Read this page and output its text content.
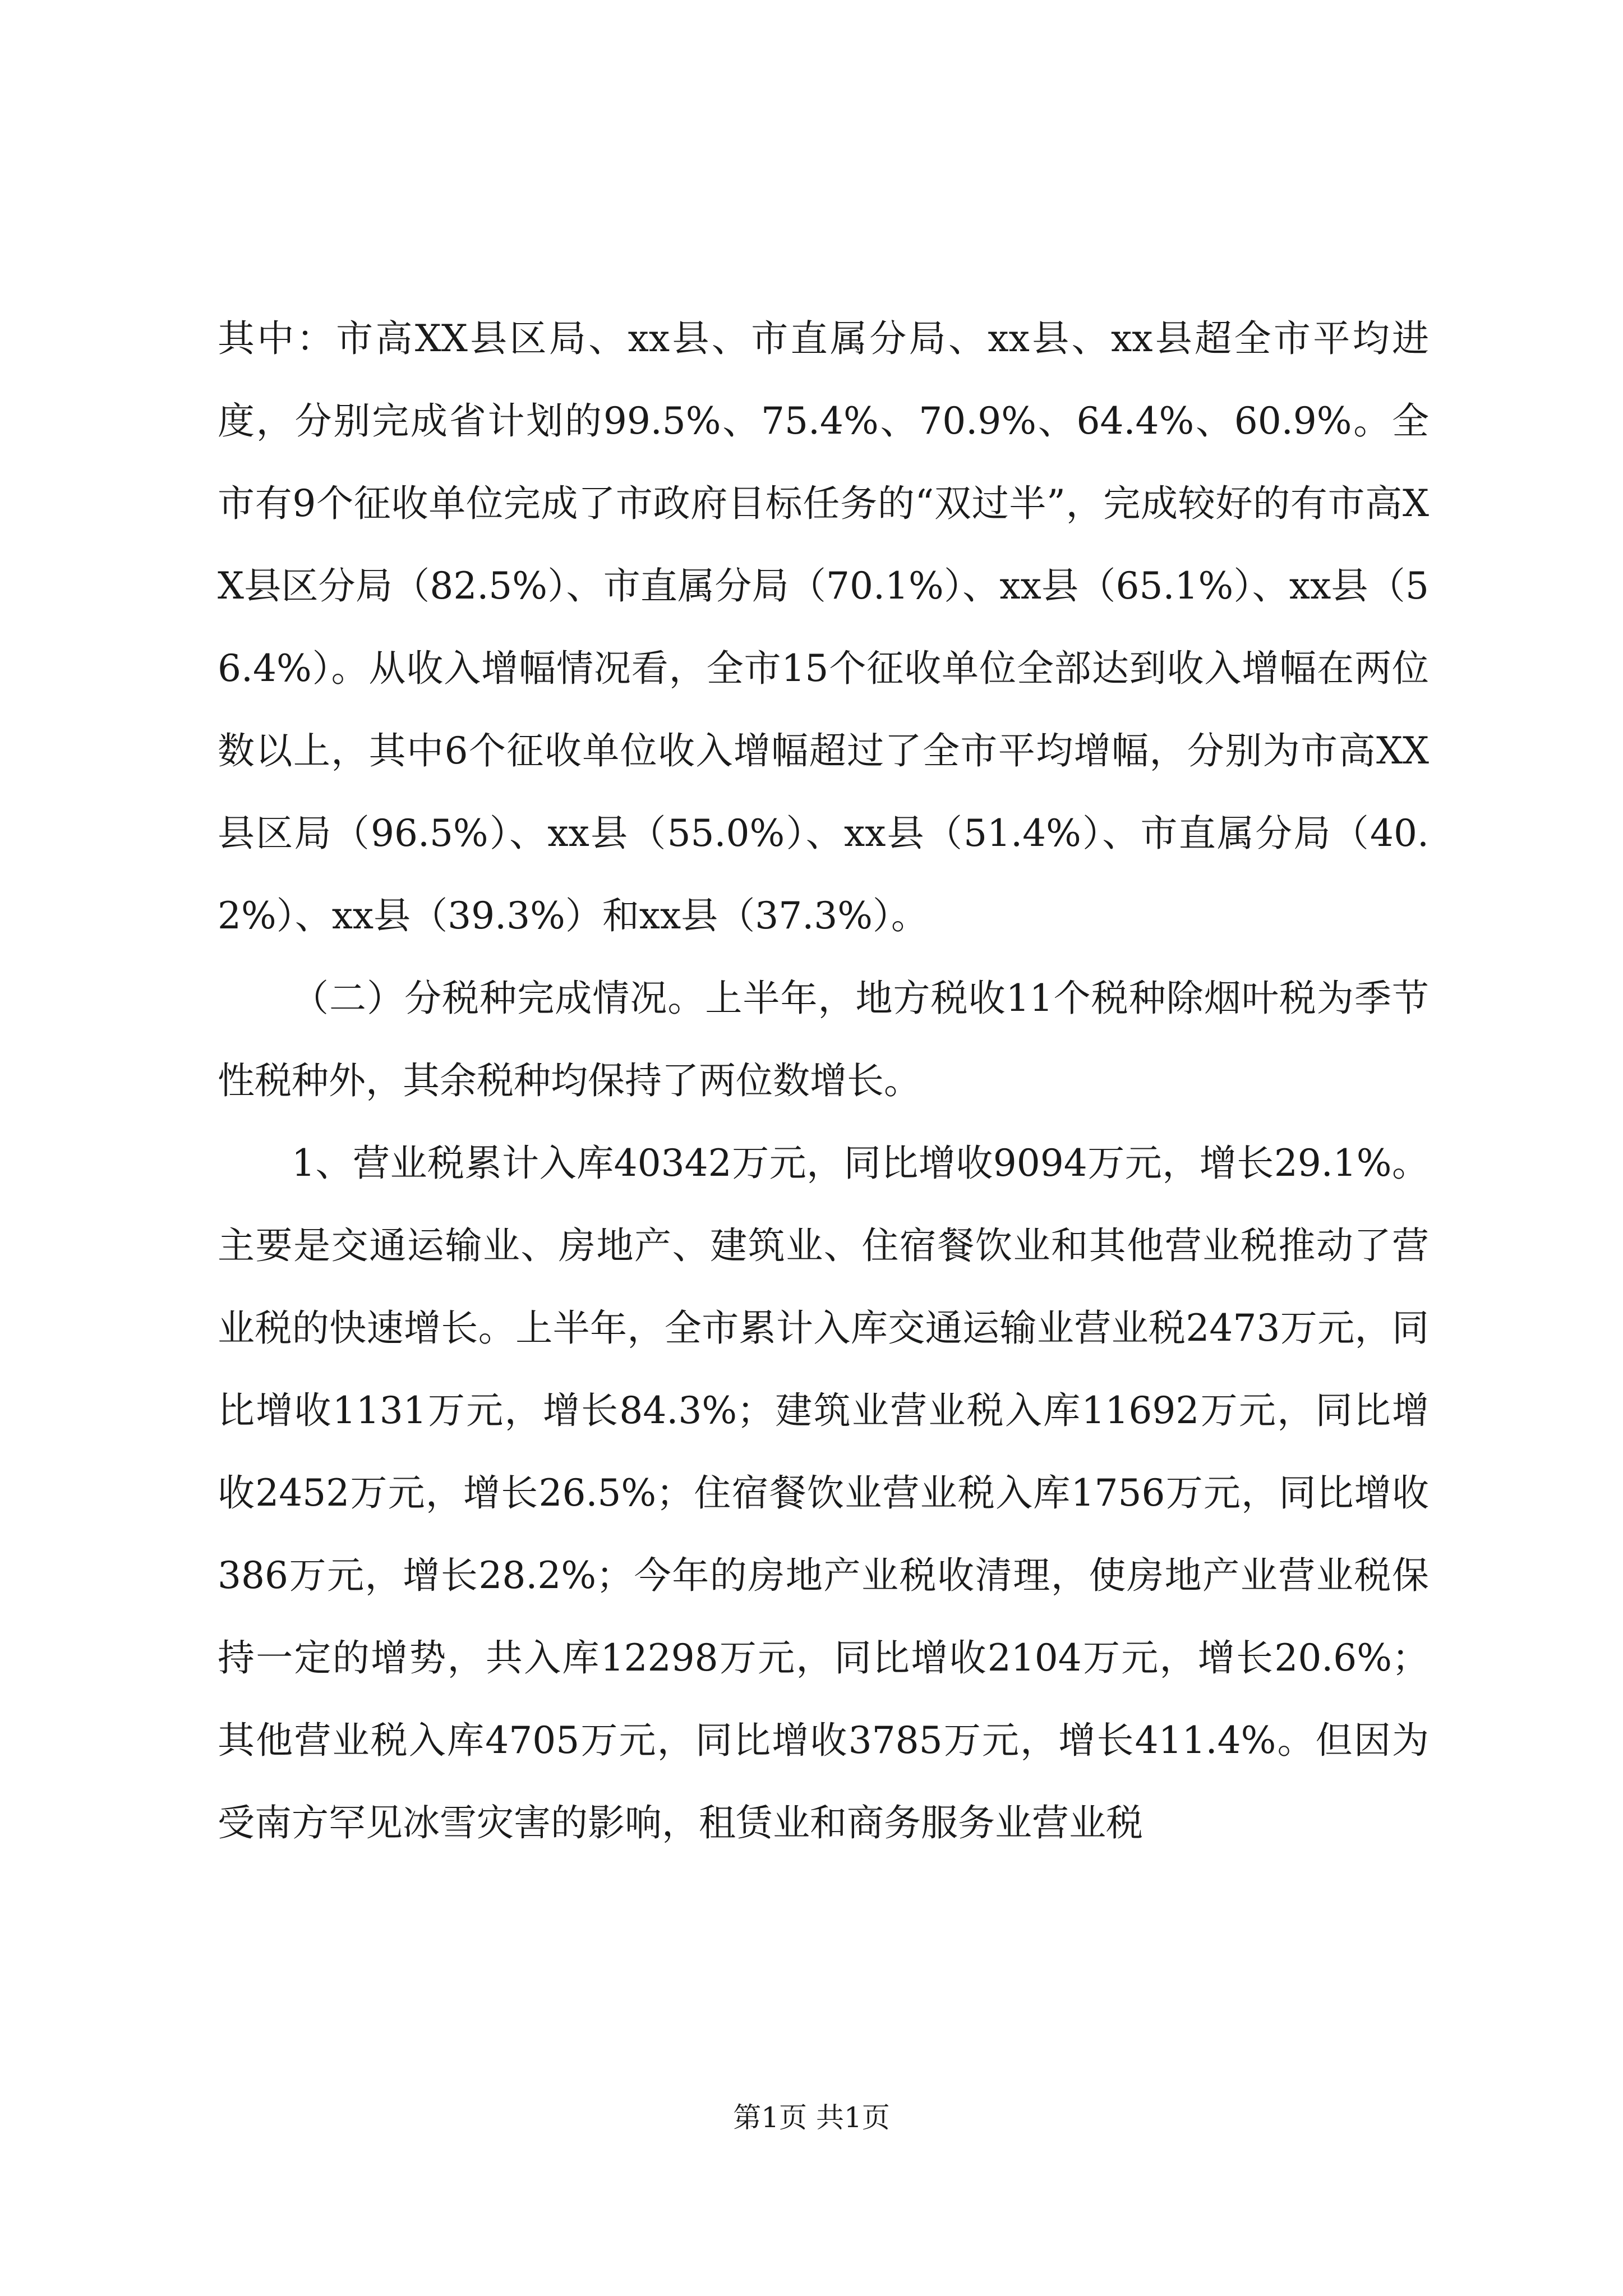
其中：市高XX县区局、xx县、市直属分局、xx县、xx县超全市平均进度，分别完成省计划的99.5%、75.4%、70.9%、64.4%、60.9%。全市有9个征收单位完成了市政府目标任务的“双过半”，完成较好的有市高XX县区分局（82.5%）、市直属分局（70.1%）、xx县（65.1%）、xx县（56.4%）。从收入增幅情况看，全市15个征收单位全部达到收入增幅在两位数以上，其中6个征收单位收入增幅超过了全市平均增幅，分别为市高XX县区局（96.5%）、xx县（55.0%）、xx县（51.4%）、市直属分局（40.2%）、xx县（39.3%）和xx县（37.3%）。

（二）分税种完成情况。上半年，地方税收11个税种除烟叶税为季节性税种外，其余税种均保持了两位数增长。

1、营业税累计入库40342万元，同比增收9094万元，增长29.1%。主要是交通运输业、房地产、建筑业、住宿餐饮业和其他营业税推动了营业税的快速增长。上半年，全市累计入库交通运输业营业税2473万元，同比增收1131万元，增长84.3%；建筑业营业税入库11692万元，同比增收2452万元，增长26.5%；住宿餐饮业营业税入库1756万元，同比增收386万元，增长28.2%；今年的房地产业税收清理，使房地产业营业税保持一定的增势，共入库12298万元，同比增收2104万元，增长20.6%；其他营业税入库4705万元，同比增收3785万元，增长411.4%。但因为受南方罕见冰雪灾害的影响，租赁业和商务服务业营业税

第1页 共1页
